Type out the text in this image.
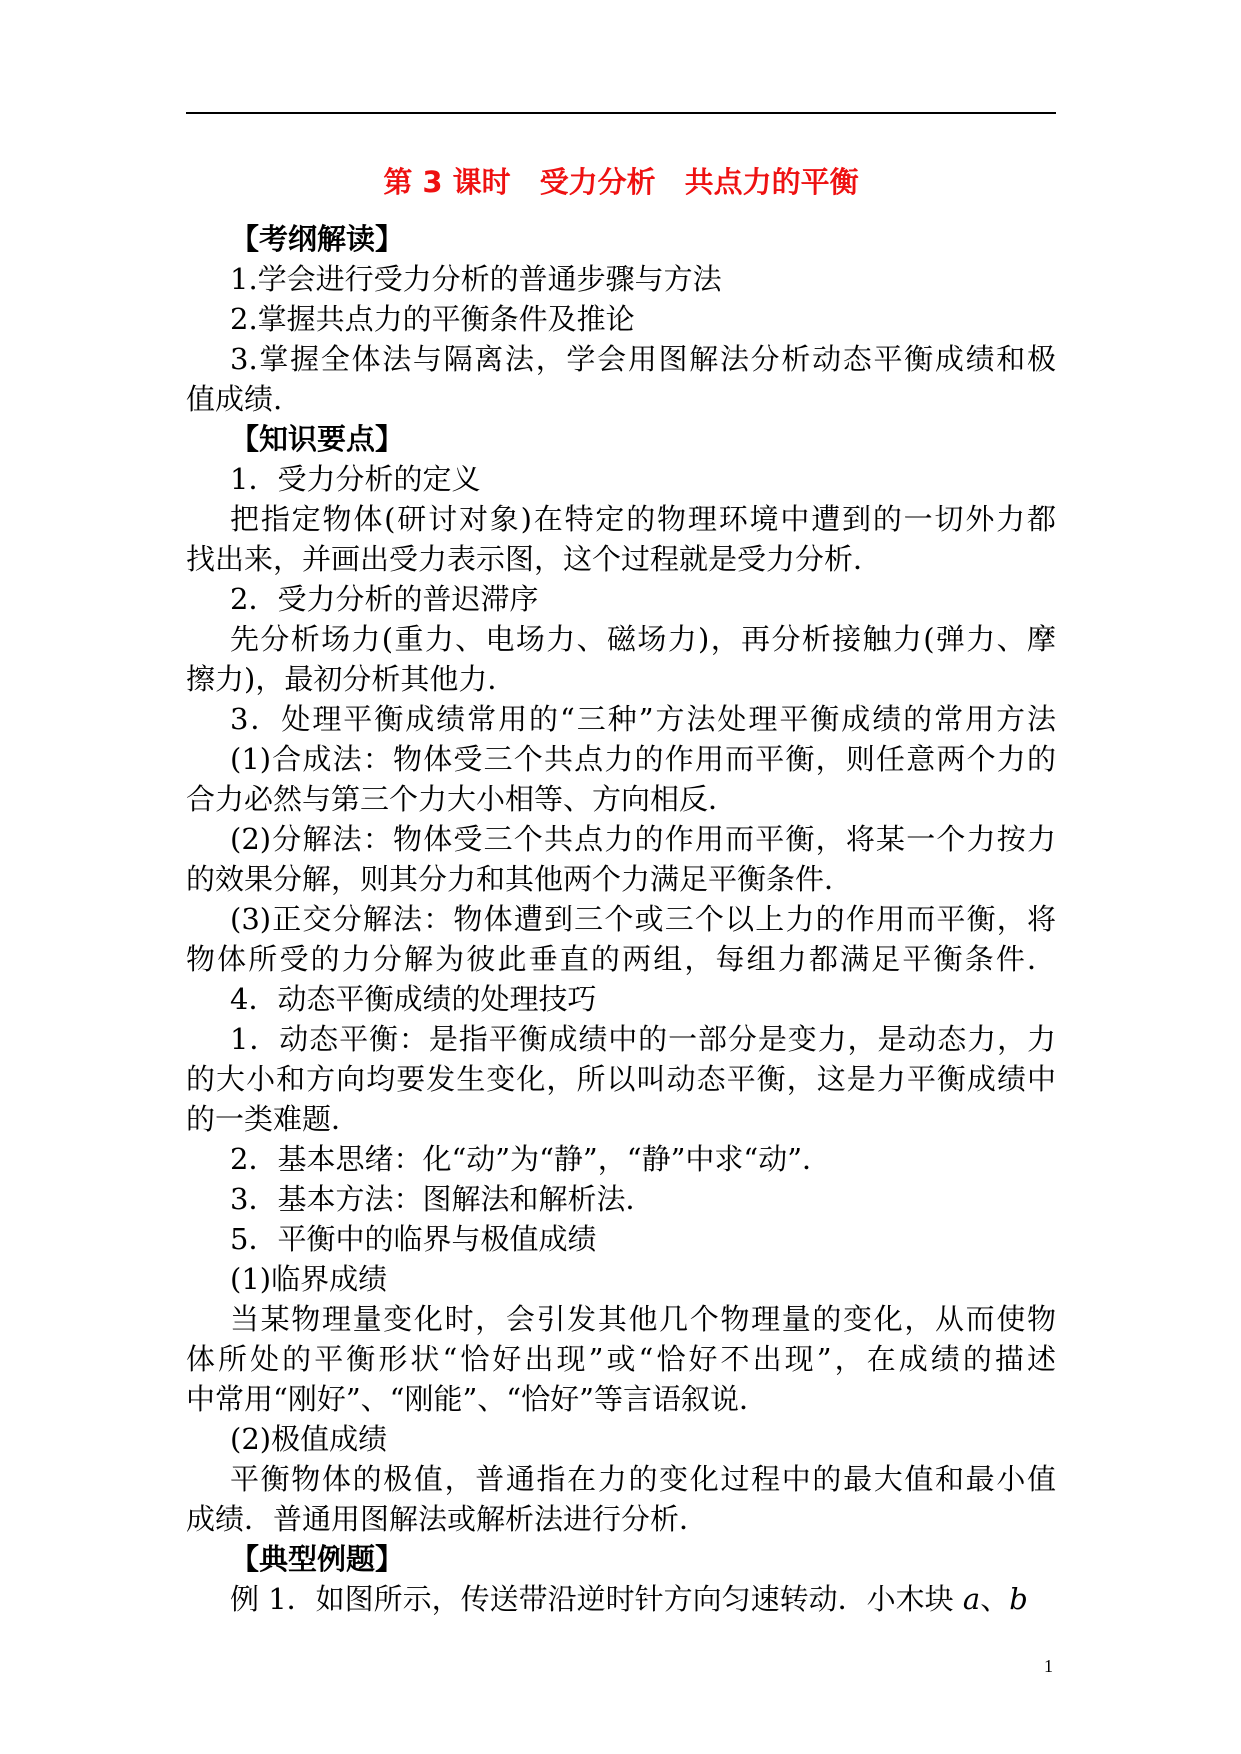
第 3 课时　受力分析　共点力的平衡
【考纲解读】
1.学会进行受力分析的普通步骤与方法
2.掌握共点力的平衡条件及推论
3.掌握全体法与隔离法，学会用图解法分析动态平衡成绩和极
值成绩.
【知识要点】
1．受力分析的定义
把指定物体(研讨对象)在特定的物理环境中遭到的一切外力都
找出来，并画出受力表示图，这个过程就是受力分析．
2．受力分析的普迟滞序
先分析场力(重力、电场力、磁场力)，再分析接触力(弹力、摩
擦力)，最初分析其他力．
3．处理平衡成绩常用的“三种”方法处理平衡成绩的常用方法
(1)合成法：物体受三个共点力的作用而平衡，则任意两个力的
合力必然与第三个力大小相等、方向相反．
(2)分解法：物体受三个共点力的作用而平衡，将某一个力按力
的效果分解，则其分力和其他两个力满足平衡条件．
(3)正交分解法：物体遭到三个或三个以上力的作用而平衡，将
物体所受的力分解为彼此垂直的两组，每组力都满足平衡条件．
4．动态平衡成绩的处理技巧
1．动态平衡：是指平衡成绩中的一部分是变力，是动态力，力
的大小和方向均要发生变化，所以叫动态平衡，这是力平衡成绩中
的一类难题．
2．基本思绪：化“动”为“静”，“静”中求“动”．
3．基本方法：图解法和解析法．
5．平衡中的临界与极值成绩
(1)临界成绩
当某物理量变化时，会引发其他几个物理量的变化，从而使物
体所处的平衡形状“恰好出现”或“恰好不出现”，在成绩的描述
中常用“刚好”、“刚能”、“恰好”等言语叙说．
(2)极值成绩
平衡物体的极值，普通指在力的变化过程中的最大值和最小值
成绩．普通用图解法或解析法进行分析．
【典型例题】
例 1．如图所示，传送带沿逆时针方向匀速转动．小木块 a、b
1
